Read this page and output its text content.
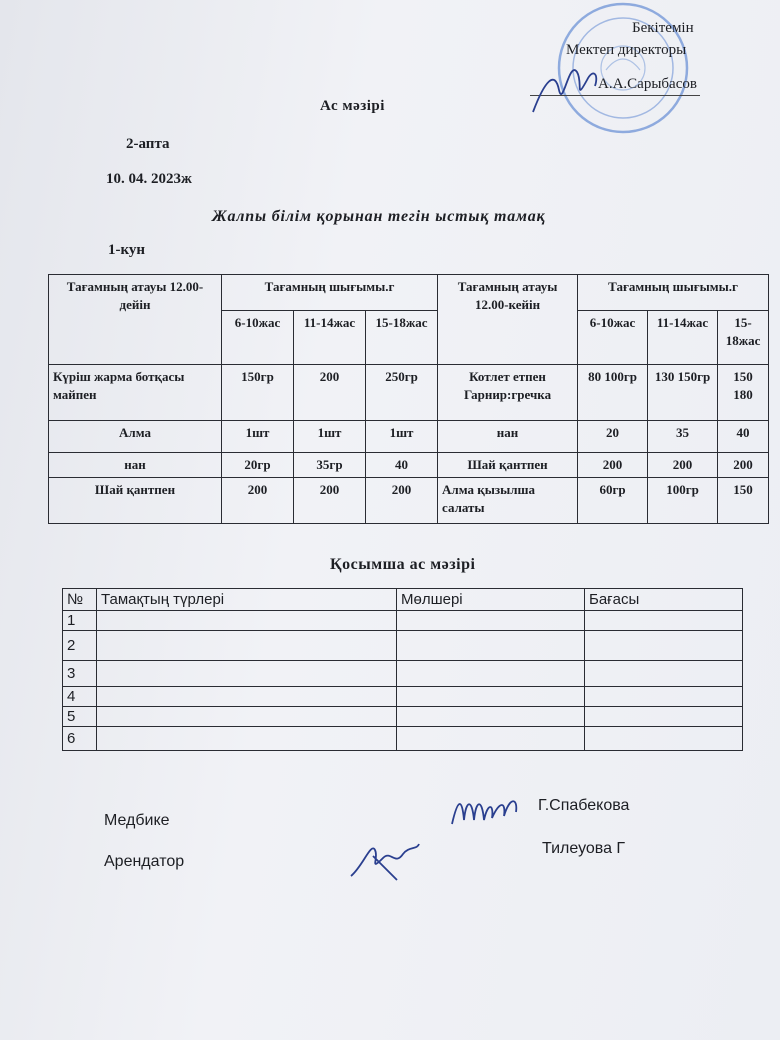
Бекітемін
Мектеп директоры
А.А.Сарыбасов
Ас мәзірі
2-апта
10. 04. 2023ж
Жалпы білім қорынан тегін ыстық тамақ
1-кун
Тағамның атауы 12.00-дейін	Тағамның шығымы.г			Тағамның атауы 12.00-кейін	Тағамның шығымы.г		
	6-10жас	11-14жас	15-18жас		6-10жас	11-14жас	15-18жас
Күріш жарма ботқасы майпен	150гр	200	250гр	Котлет етпен Гарнир:гречка	80 100гр	130 150гр	150 180
Алма	1шт	1шт	1шт	нан	20	35	40
нан	20гр	35гр	40	Шай қантпен	200	200	200
Шай қантпен	200	200	200	Алма қызылша салаты	60гр	100гр	150
Қосымша ас мәзірі
№	Тамақтың түрлері	Мөлшері	Бағасы
1			
2			
3			
4			
5			
6			
Медбике
Г.Спабекова
Арендатор
Тилеуова Г
